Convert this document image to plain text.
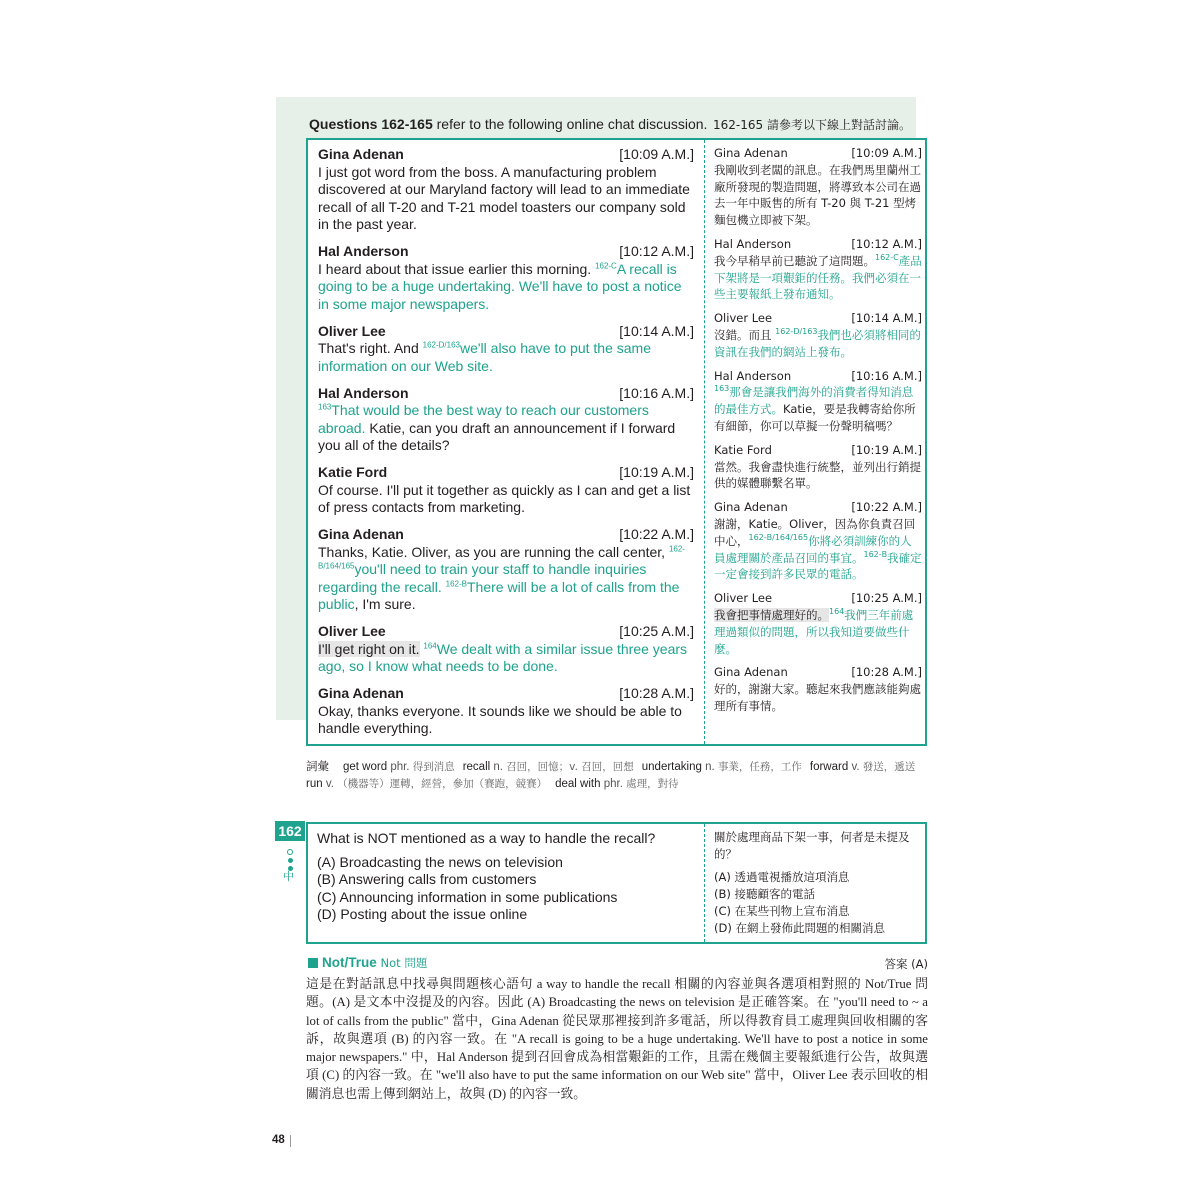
Questions 162-165 refer to the following online chat discussion. 162-165 請參考以下線上對話討論。
Gina Adenan	[10:09 A.M.]
I just got word from the boss. A manufacturing problem discovered at our Maryland factory will lead to an immediate recall of all T-20 and T-21 model toasters our company sold in the past year.
Hal Anderson	[10:12 A.M.]
I heard about that issue earlier this morning. $^{162-C}$A recall is going to be a huge undertaking. We'll have to post a notice in some major newspapers.
Oliver Lee	[10:14 A.M.]
That's right. And $^{162-D/163}$we'll also have to put the same information on our Web site.
Hal Anderson	[10:16 A.M.]
$^{163}$That would be the best way to reach our customers abroad. Katie, can you draft an announcement if I forward you all of the details?
Katie Ford	[10:19 A.M.]
Of course. I'll put it together as quickly as I can and get a list of press contacts from marketing.
Gina Adenan	[10:22 A.M.]
Thanks, Katie. Oliver, as you are running the call center, $^{162-B/164/165}$you'll need to train your staff to handle inquiries regarding the recall. $^{162-B}$There will be a lot of calls from the public, I'm sure.
Oliver Lee	[10:25 A.M.]
I'll get right on it. $^{164}$We dealt with a similar issue three years ago, so I know what needs to be done.
Gina Adenan	[10:28 A.M.]
Okay, thanks everyone. It sounds like we should be able to handle everything.
Gina Adenan	[10:09 A.M.]
我剛收到老闆的訊息。在我們馬里蘭州工廠所發現的製造問題，將導致本公司在過去一年中販售的所有 T-20 與 T-21 型烤麵包機立即被下架。
Hal Anderson	[10:12 A.M.]
我今早稍早前已聽說了這問題。$^{162-C}$產品下架將是一項艱鉅的任務。我們必須在一些主要報紙上發布通知。
Oliver Lee	[10:14 A.M.]
沒錯。而且 $^{162-D/163}$我們也必須將相同的資訊在我們的網站上發布。
Hal Anderson	[10:16 A.M.]
$^{163}$那會是讓我們海外的消費者得知消息的最佳方式。Katie，要是我轉寄給你所有細節，你可以草擬一份聲明稿嗎？
Katie Ford	[10:19 A.M.]
當然。我會盡快進行統整，並列出行銷提供的媒體聯繫名單。
Gina Adenan	[10:22 A.M.]
謝謝，Katie。Oliver，因為你負責召回中心，$^{162-B/164/165}$你將必須訓練你的人員處理關於產品召回的事宜。$^{162-B}$我確定一定會接到許多民眾的電話。
Oliver Lee	[10:25 A.M.]
我會把事情處理好的。$^{164}$我們三年前處理過類似的問題，所以我知道要做些什麼。
Gina Adenan	[10:28 A.M.]
好的，謝謝大家。聽起來我們應該能夠處理所有事情。
詞彙 get word phr. 得到消息 recall n. 召回，回憶；v. 召回，回想 undertaking n. 事業，任務，工作 forward v. 發送，遞送run v. （機器等）運轉，經營，參加（賽跑，競賽） deal with phr. 處理，對待
162
中
What is NOT mentioned as a way to handle the recall?
(A) Broadcasting the news on television
(B) Answering calls from customers
(C) Announcing information in some publications
(D) Posting about the issue online
關於處理商品下架一事，何者是未提及的？
(A) 透過電視播放這項消息
(B) 接聽顧客的電話
(C) 在某些刊物上宣布消息
(D) 在網上發佈此問題的相關消息
Not/True Not 問題	答案 (A)
這是在對話訊息中找尋與問題核心語句 a way to handle the recall 相關的內容並與各選項相對照的 Not/True 問題。(A) 是文本中沒提及的內容。因此 (A) Broadcasting the news on television 是正確答案。在 "you'll need to ~ a lot of calls from the public" 當中，Gina Adenan 從民眾那裡接到許多電話，所以得教育員工處理與回收相關的客訴，故與選項 (B) 的內容一致。在 "A recall is going to be a huge undertaking. We'll have to post a notice in some major newspapers." 中，Hal Anderson 提到召回會成為相當艱鉅的工作，且需在幾個主要報紙進行公告，故與選項 (C) 的內容一致。在 "we'll also have to put the same information on our Web site" 當中，Oliver Lee 表示回收的相關消息也需上傳到網站上，故與 (D) 的內容一致。
48
